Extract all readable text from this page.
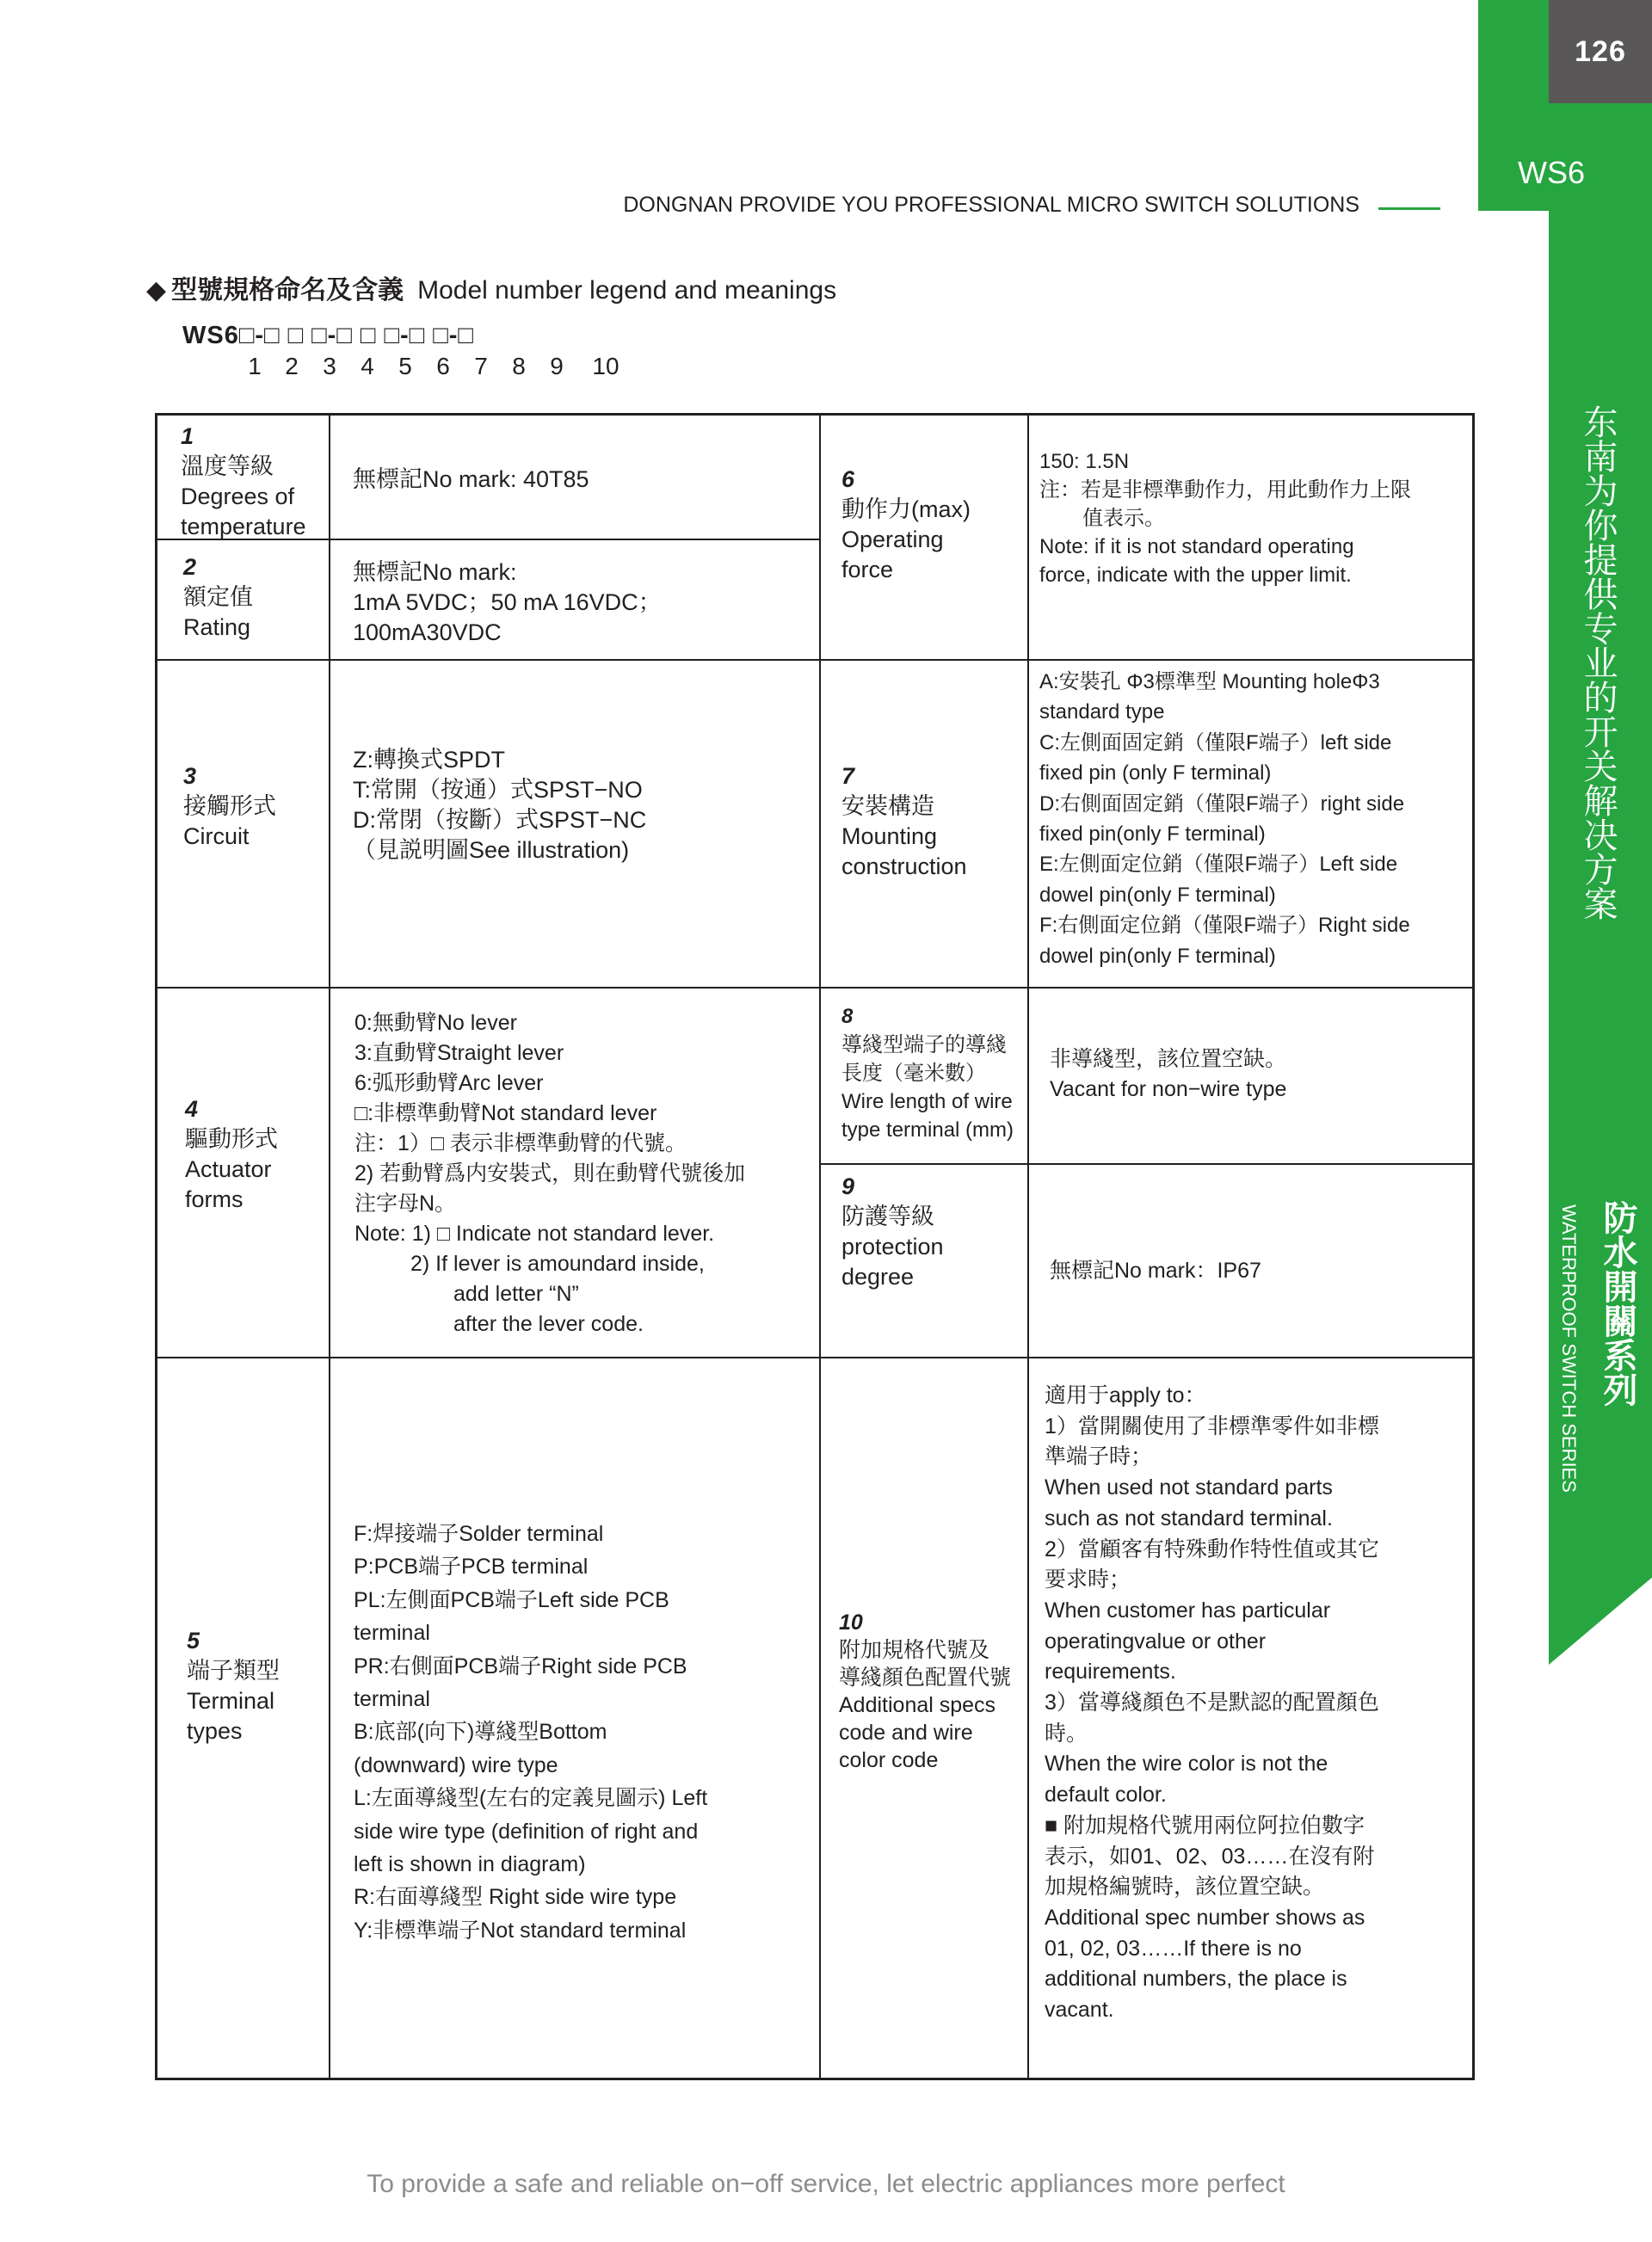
126
WS6
东南为你提供专业的开关解决方案
防水開關系列
WATERPROOF SWITCH SERIES
DONGNAN PROVIDE YOU PROFESSIONAL MICRO SWITCH SOLUTIONS
◆ 型號規格命名及含義 Model number legend and meanings
WS6□-□ □ □-□ □ □-□ □-□
1 2 3 4 5 6 7 8 9 10
1
溫度等級
Degrees of
temperature
無標記No mark: 40T85
2
額定值
Rating
無標記No mark:
1mA 5VDC；50 mA 16VDC；
100mA30VDC
3
接觸形式
Circuit
Z:轉換式SPDT
T:常開（按通）式SPST−NO
D:常閉（按斷）式SPST−NC
（見説明圖See illustration)
4
驅動形式
Actuator
forms
0:無動臂No lever
3:直動臂Straight lever
6:弧形動臂Arc lever
□:非標準動臂Not standard lever
注：1）□ 表示非標準動臂的代號。
2) 若動臂爲内安裝式，則在動臂代號後加
注字母N。
Note: 1) □ Indicate not standard lever.
2) If lever is amoundard inside,
add letter “N”
after the lever code.
5
端子類型
Terminal
types
F:焊接端子Solder terminal
P:PCB端子PCB terminal
PL:左側面PCB端子Left side PCB
terminal
PR:右側面PCB端子Right side PCB
terminal
B:底部(向下)導綫型Bottom
(downward) wire type
L:左面導綫型(左右的定義見圖示) Left
side wire type (definition of right and
left is shown in diagram)
R:右面導綫型 Right side wire type
Y:非標準端子Not standard terminal
6
動作力(max)
Operating
force
150: 1.5N
注：若是非標準動作力，用此動作力上限
值表示。
Note: if it is not standard operating
force, indicate with the upper limit.
7
安裝構造
Mounting
construction
A:安裝孔 Φ3標準型 Mounting holeΦ3
standard type
C:左側面固定銷（僅限F端子）left side
fixed pin (only F terminal)
D:右側面固定銷（僅限F端子）right side
fixed pin(only F terminal)
E:左側面定位銷（僅限F端子）Left side
dowel pin(only F terminal)
F:右側面定位銷（僅限F端子）Right side
dowel pin(only F terminal)
8
導綫型端子的導綫
長度（毫米數）
Wire length of wire
type terminal (mm)
非導綫型，該位置空缺。
Vacant for non−wire type
9
防護等級
protection
degree	無標記No mark：IP67
10
附加規格代號及
導綫顏色配置代號
Additional specs
code and wire
color code
適用于apply to：
1）當開關使用了非標準零件如非標
準端子時；
When used not standard parts
such as not standard terminal.
2）當顧客有特殊動作特性值或其它
要求時；
When customer has particular
operatingvalue or other
requirements.
3）當導綫顏色不是默認的配置顏色
時。
When the wire color is not the
default color.
■ 附加規格代號用兩位阿拉伯數字
表示，如01、02、03……在沒有附
加規格編號時，該位置空缺。
Additional spec number shows as
01, 02, 03……If there is no
additional numbers, the place is
vacant.
To provide a safe and reliable on−off service, let electric appliances more perfect
